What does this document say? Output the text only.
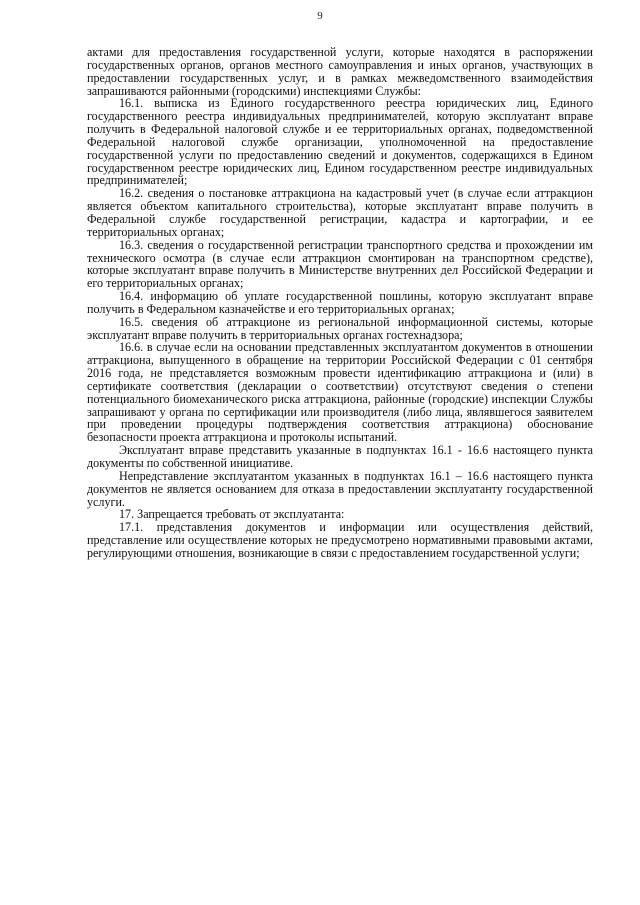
9

актами для предоставления государственной услуги, которые находятся в распоряжении государственных органов, органов местного самоуправления и иных органов, участвующих в предоставлении государственных услуг, и в рамках межведомственного взаимодействия запрашиваются районными (городскими) инспекциями Службы:

16.1. выписка из Единого государственного реестра юридических лиц, Единого государственного реестра индивидуальных предпринимателей, которую эксплуатант вправе получить в Федеральной налоговой службе и ее территориальных органах, подведомственной Федеральной налоговой службе организации, уполномоченной на предоставление государственной услуги по предоставлению сведений и документов, содержащихся в Едином государственном реестре юридических лиц, Едином государственном реестре индивидуальных предпринимателей;

16.2. сведения о постановке аттракциона на кадастровый учет (в случае если аттракцион является объектом капитального строительства), которые эксплуатант вправе получить в Федеральной службе государственной регистрации, кадастра и картографии, и ее территориальных органах;

16.3. сведения о государственной регистрации транспортного средства и прохождении им технического осмотра (в случае если аттракцион смонтирован на транспортном средстве), которые эксплуатант вправе получить в Министерстве внутренних дел Российской Федерации и его территориальных органах;

16.4. информацию об уплате государственной пошлины, которую эксплуатант вправе получить в Федеральном казначействе и его территориальных органах;

16.5. сведения об аттракционе из региональной информационной системы, которые эксплуатант вправе получить в территориальных органах гостехнадзора;

16.6. в случае если на основании представленных эксплуатантом документов в отношении аттракциона, выпущенного в обращение на территории Российской Федерации с 01 сентября 2016 года, не представляется возможным провести идентификацию аттракциона и (или) в сертификате соответствия (декларации о соответствии) отсутствуют сведения о степени потенциального биомеханического риска аттракциона, районные (городские) инспекции Службы запрашивают у органа по сертификации или производителя (либо лица, являвшегося заявителем при проведении процедуры подтверждения соответствия аттракциона) обоснование безопасности проекта аттракциона и протоколы испытаний.

Эксплуатант вправе представить указанные в подпунктах 16.1 - 16.6 настоящего пункта документы по собственной инициативе.

Непредставление эксплуатантом указанных в подпунктах 16.1 – 16.6 настоящего пункта документов не является основанием для отказа в предоставлении эксплуатанту государственной услуги.

17. Запрещается требовать от эксплуатанта:

17.1. представления документов и информации или осуществления действий, представление или осуществление которых не предусмотрено нормативными правовыми актами, регулирующими отношения, возникающие в связи с предоставлением государственной услуги;
